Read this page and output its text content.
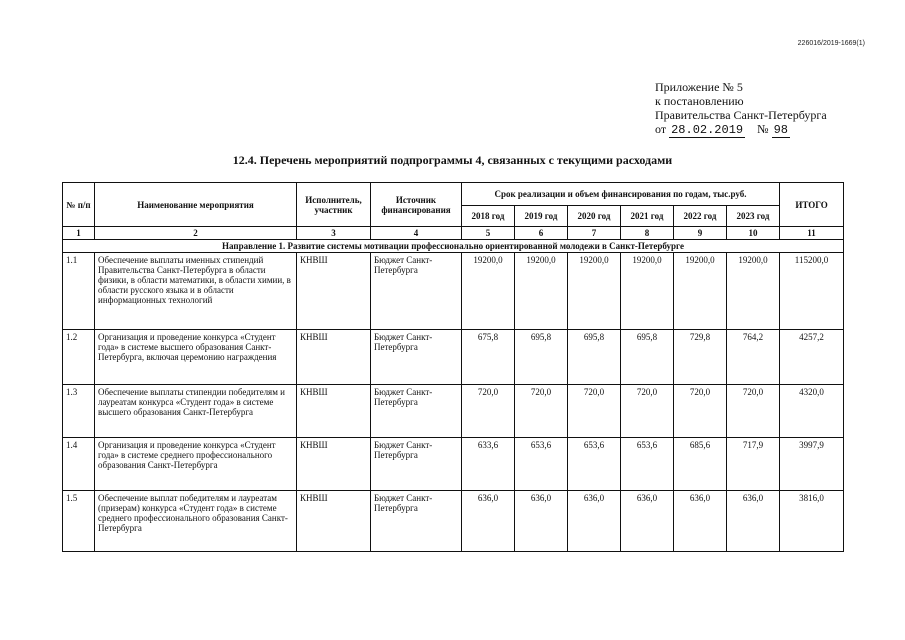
226016/2019-1669(1)
Приложение № 5
к постановлению
Правительства Санкт-Петербурга
от 28.02.2019 № 98
12.4. Перечень мероприятий подпрограммы 4, связанных с текущими расходами
№ п/п	Наименование мероприятия	Исполнитель, участник	Источник финансирования	Срок реализации и объем финансирования по годам, тыс.руб.						ИТОГО
				2018 год	2019 год	2020 год	2021 год	2022 год	2023 год	
1	2	3	4	5	6	7	8	9	10	11
Направление 1. Развитие системы мотивации профессионально ориентированной молодежи в Санкт-Петербурге										
1.1	Обеспечение выплаты именных стипендий Правительства Санкт-Петербурга в области физики, в области математики, в области химии, в области русского языка и в области информационных технологий	КНВШ	Бюджет Санкт-Петербурга	19200,0	19200,0	19200,0	19200,0	19200,0	19200,0	115200,0
1.2	Организация и проведение конкурса «Студент года» в системе высшего образования Санкт-Петербурга, включая церемонию награждения	КНВШ	Бюджет Санкт-Петербурга	675,8	695,8	695,8	695,8	729,8	764,2	4257,2
1.3	Обеспечение выплаты стипендии победителям и лауреатам конкурса «Студент года» в системе высшего образования Санкт-Петербурга	КНВШ	Бюджет Санкт-Петербурга	720,0	720,0	720,0	720,0	720,0	720,0	4320,0
1.4	Организация и проведение конкурса «Студент года» в системе среднего профессионального образования Санкт-Петербурга	КНВШ	Бюджет Санкт-Петербурга	633,6	653,6	653,6	653,6	685,6	717,9	3997,9
1.5	Обеспечение выплат победителям и лауреатам (призерам) конкурса «Студент года» в системе среднего профессионального образования Санкт-Петербурга	КНВШ	Бюджет Санкт-Петербурга	636,0	636,0	636,0	636,0	636,0	636,0	3816,0
